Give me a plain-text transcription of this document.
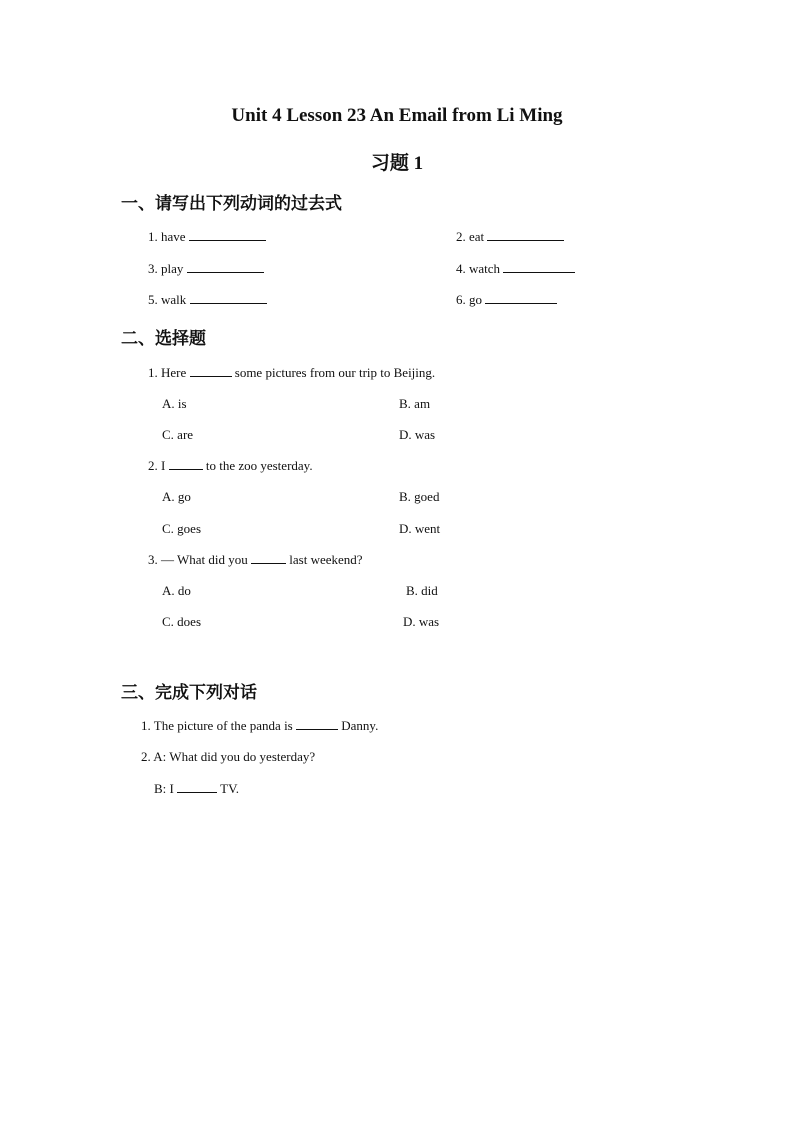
Unit 4 Lesson 23 An Email from Li Ming
习题 1
一、请写出下列动词的过去式
1. have	2. eat
3. play	4. watch
5. walk	6. go
二、选择题
1. Here	some pictures from our trip to Beijing.
A. is	B. am
C. are	D. was
2. I	to the zoo yesterday.
A. go	B. goed
C. goes	D. went
3. — What did you	last weekend?
A. do	B. did
C. does	D. was
三、完成下列对话
1. The picture of the panda is	Danny.
2. A: What did you do yesterday?
B: I	TV.
